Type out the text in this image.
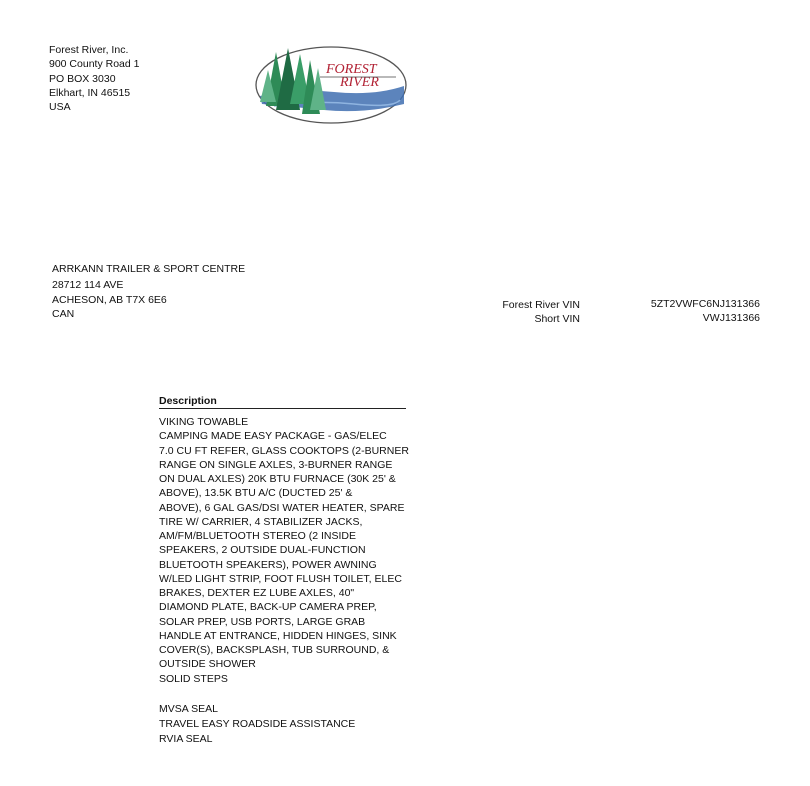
Forest River, Inc.
900 County Road 1
PO BOX 3030
Elkhart, IN 46515
USA
FOREST
RIVER
ARRKANN TRAILER & SPORT CENTRE
28712 114 AVE
ACHESON, AB T7X 6E6
CAN
Forest River VIN
Short VIN
5ZT2VWFC6NJ131366
VWJ131366
Description
VIKING TOWABLE
CAMPING MADE EASY PACKAGE - GAS/ELEC
7.0 CU FT REFER, GLASS COOKTOPS (2-BURNER
RANGE ON SINGLE AXLES, 3-BURNER RANGE
ON DUAL AXLES) 20K BTU FURNACE (30K 25' &
ABOVE), 13.5K BTU A/C (DUCTED 25' &
ABOVE), 6 GAL GAS/DSI WATER HEATER, SPARE
TIRE W/ CARRIER, 4 STABILIZER JACKS,
AM/FM/BLUETOOTH STEREO (2 INSIDE
SPEAKERS, 2 OUTSIDE DUAL-FUNCTION
BLUETOOTH SPEAKERS), POWER AWNING
W/LED LIGHT STRIP, FOOT FLUSH TOILET, ELEC
BRAKES, DEXTER EZ LUBE AXLES, 40"
DIAMOND PLATE, BACK-UP CAMERA PREP,
SOLAR PREP, USB PORTS, LARGE GRAB
HANDLE AT ENTRANCE, HIDDEN HINGES, SINK
COVER(S), BACKSPLASH, TUB SURROUND, &
OUTSIDE SHOWER
SOLID STEPS
MVSA SEAL
TRAVEL EASY ROADSIDE ASSISTANCE
RVIA SEAL
